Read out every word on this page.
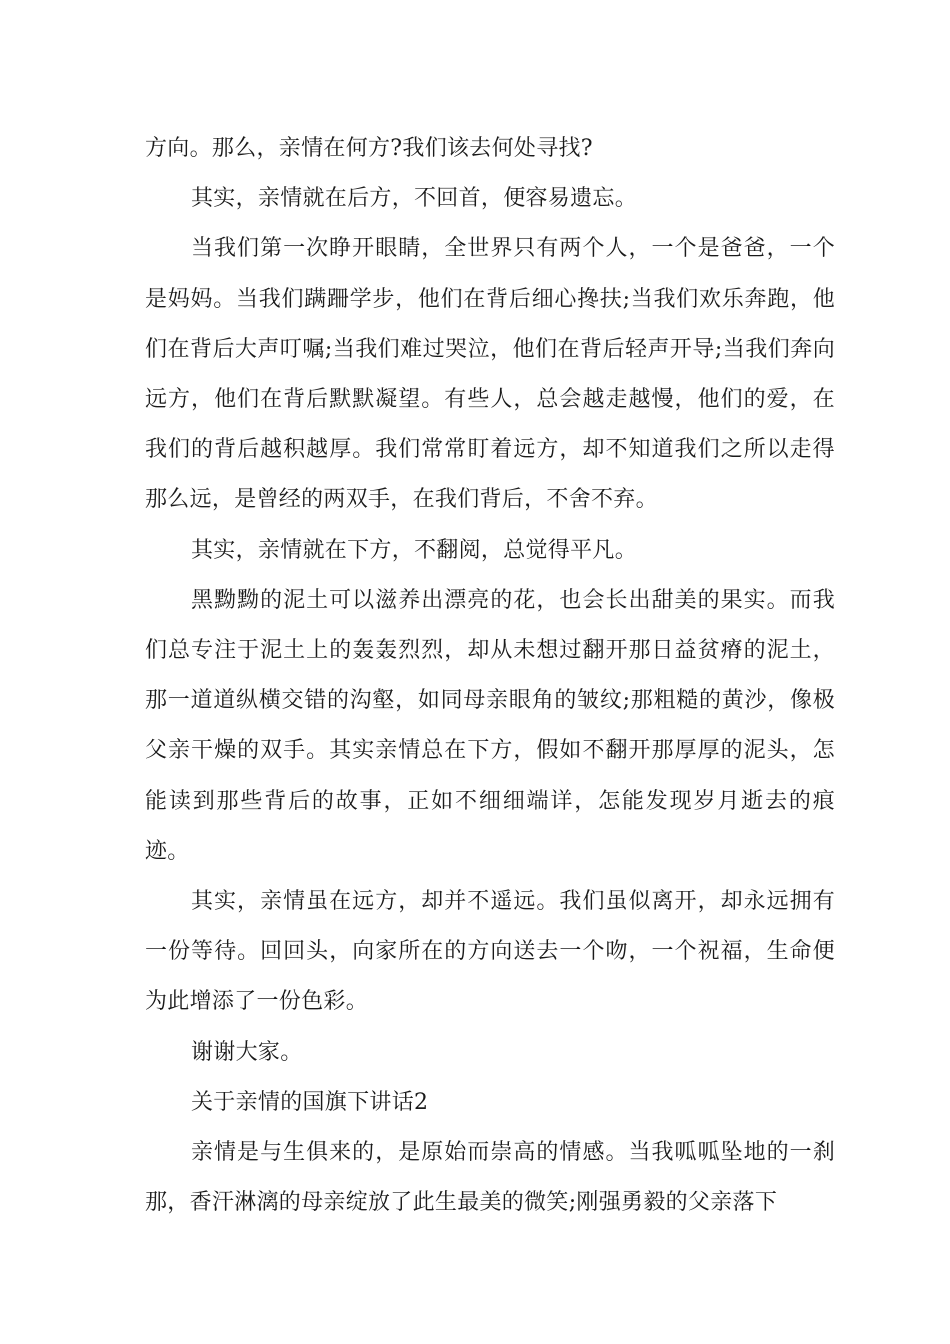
方向。那么，亲情在何方?我们该去何处寻找?

其实，亲情就在后方，不回首，便容易遗忘。

当我们第一次睁开眼睛，全世界只有两个人，一个是爸爸，一个是妈妈。当我们蹒跚学步，他们在背后细心搀扶;当我们欢乐奔跑，他们在背后大声叮嘱;当我们难过哭泣，他们在背后轻声开导;当我们奔向远方，他们在背后默默凝望。有些人，总会越走越慢，他们的爱，在我们的背后越积越厚。我们常常盯着远方，却不知道我们之所以走得那么远，是曾经的两双手，在我们背后，不舍不弃。

其实，亲情就在下方，不翻阅，总觉得平凡。

黑黝黝的泥土可以滋养出漂亮的花，也会长出甜美的果实。而我们总专注于泥土上的轰轰烈烈，却从未想过翻开那日益贫瘠的泥土，那一道道纵横交错的沟壑，如同母亲眼角的皱纹;那粗糙的黄沙，像极父亲干燥的双手。其实亲情总在下方，假如不翻开那厚厚的泥头，怎能读到那些背后的故事，正如不细细端详，怎能发现岁月逝去的痕迹。

其实，亲情虽在远方，却并不遥远。我们虽似离开，却永远拥有一份等待。回回头，向家所在的方向送去一个吻，一个祝福，生命便为此增添了一份色彩。

谢谢大家。

关于亲情的国旗下讲话2

亲情是与生俱来的，是原始而崇高的情感。当我呱呱坠地的一刹那，香汗淋漓的母亲绽放了此生最美的微笑;刚强勇毅的父亲落下
